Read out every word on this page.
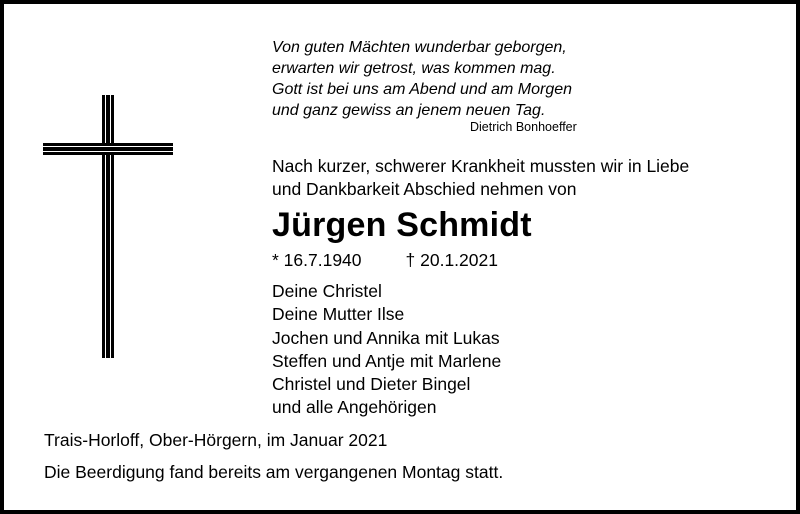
Von guten Mächten wunderbar geborgen,
erwarten wir getrost, was kommen mag.
Gott ist bei uns am Abend und am Morgen
und ganz gewiss an jenem neuen Tag.
Dietrich Bonhoeffer
Nach kurzer, schwerer Krankheit mussten wir in Liebe
und Dankbarkeit Abschied nehmen von
Jürgen Schmidt
* 16.7.1940	† 20.1.2021
Deine Christel
Deine Mutter Ilse
Jochen und Annika mit Lukas
Steffen und Antje mit Marlene
Christel und Dieter Bingel
und alle Angehörigen
Trais-Horloff, Ober-Hörgern, im Januar 2021
Die Beerdigung fand bereits am vergangenen Montag statt.
